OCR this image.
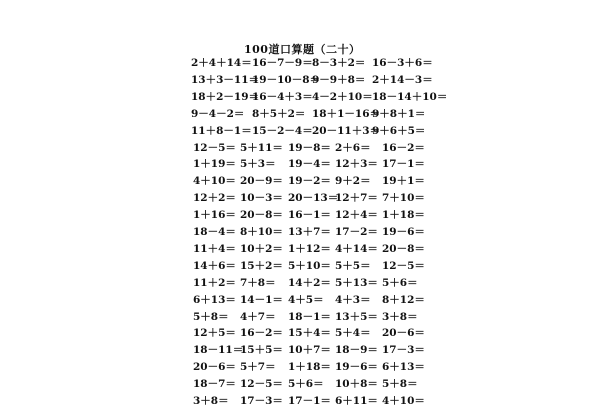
100道口算题（二十）
2＋4＋14＝ 16－7－9＝ 8－3＋2＝ 16－3＋6＝
13＋3－11＝
19－10－8＝
9－9＋8＝ 2＋14－3＝
18＋2－19＝
16－4＋3＝ 4－2＋10＝ 18－14＋10＝
9－4－2＝ 8＋5＋2＝ 18＋1－16＝
9＋8＋1＝
11＋8－1＝ 15－2－4＝ 20－11＋3＝
9＋6＋5＝
12－5＝ 5＋11＝ 19－8＝ 2＋6＝ 16－2＝
1＋19＝ 5＋3＝ 19－4＝ 12＋3＝ 17－1＝
4＋10＝ 20－9＝ 19－2＝ 9＋2＝ 19＋1＝
12＋2＝ 10－3＝ 20－13＝
12＋7＝ 7＋10＝
1＋16＝ 20－8＝ 16－1＝ 12＋4＝ 1＋18＝
18－4＝ 8＋10＝ 13＋7＝ 17－2＝ 19－6＝
11＋4＝ 10＋2＝ 1＋12＝ 4＋14＝ 20－8＝
14＋6＝ 15＋2＝ 5＋10＝ 5＋5＝ 12－5＝
11＋2＝ 7＋8＝ 14＋2＝ 5＋13＝ 5＋6＝
6＋13＝ 14－1＝ 4＋5＝ 4＋3＝ 8＋12＝
5＋8＝ 4＋7＝ 18－1＝ 13＋5＝ 3＋8＝
12＋5＝ 16－2＝ 15＋4＝ 5＋4＝ 20－6＝
18－11＝
15＋5＝ 10＋7＝ 18－9＝ 17－3＝
20－6＝ 5＋7＝ 1＋18＝ 19－6＝ 6＋13＝
18－7＝ 12－5＝ 5＋6＝ 10＋8＝ 5＋8＝
3＋8＝ 17－3＝ 17－1＝ 6＋11＝ 4＋10＝
